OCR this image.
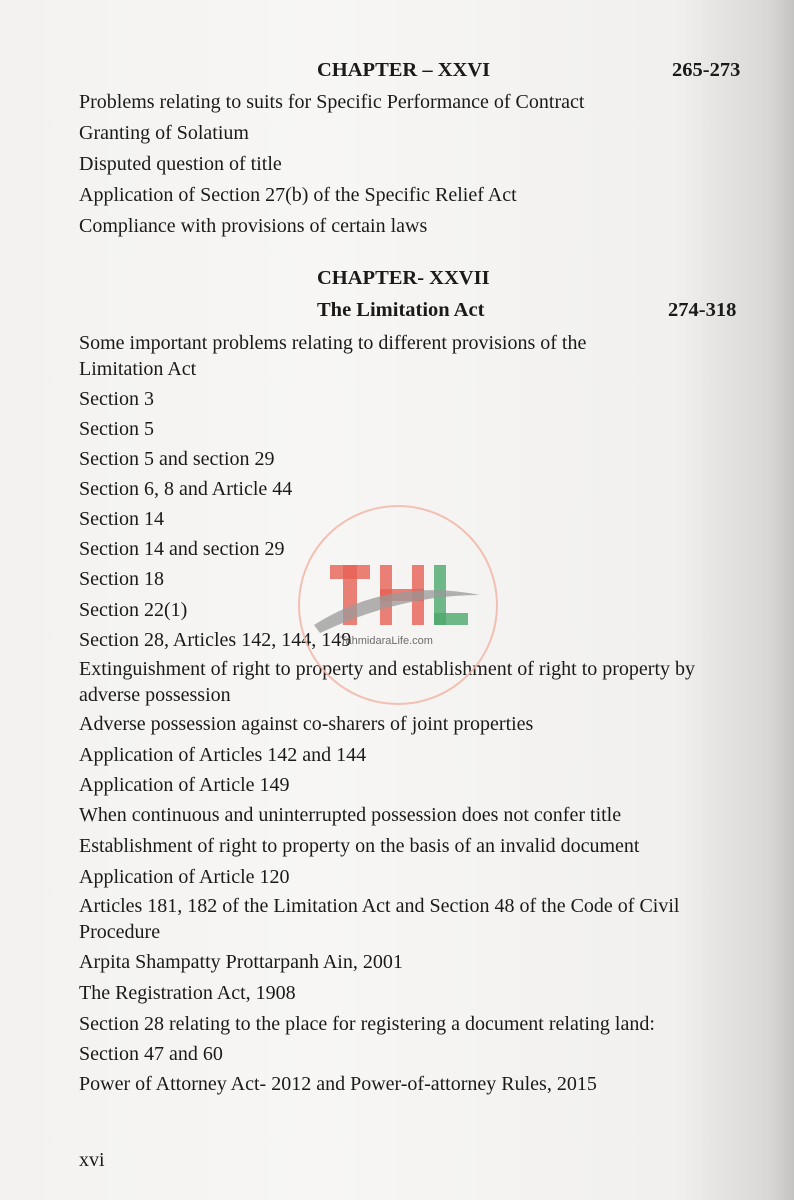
CHAPTER – XXVI	265-273
Problems relating to suits for Specific Performance of Contract
Granting of Solatium
Disputed question of title
Application of Section 27(b) of the Specific Relief Act
Compliance with provisions of certain laws
CHAPTER- XXVII
The Limitation Act	274-318
Some important problems relating to different provisions of the Limitation Act
Section 3
Section 5
Section 5 and section 29
Section 6, 8 and Article 44
Section 14
Section 14 and section 29
Section 18
Section 22(1)
Section 28, Articles 142, 144, 149
Extinguishment of right to property and establishment of right to property by adverse possession
Adverse possession against co-sharers of joint properties
Application of Articles 142 and 144
Application of Article 149
When continuous and uninterrupted possession does not confer title
Establishment of right to property on the basis of an invalid document
Application of Article 120
Articles 181, 182 of the Limitation Act and Section 48 of the Code of Civil Procedure
Arpita Shampatty Prottarpanh Ain, 2001
The Registration Act, 1908
Section 28 relating to the place for registering a document relating land:
Section 47 and 60
Power of Attorney Act- 2012 and Power-of-attorney Rules, 2015
xvi
TahmidaraLife.com
